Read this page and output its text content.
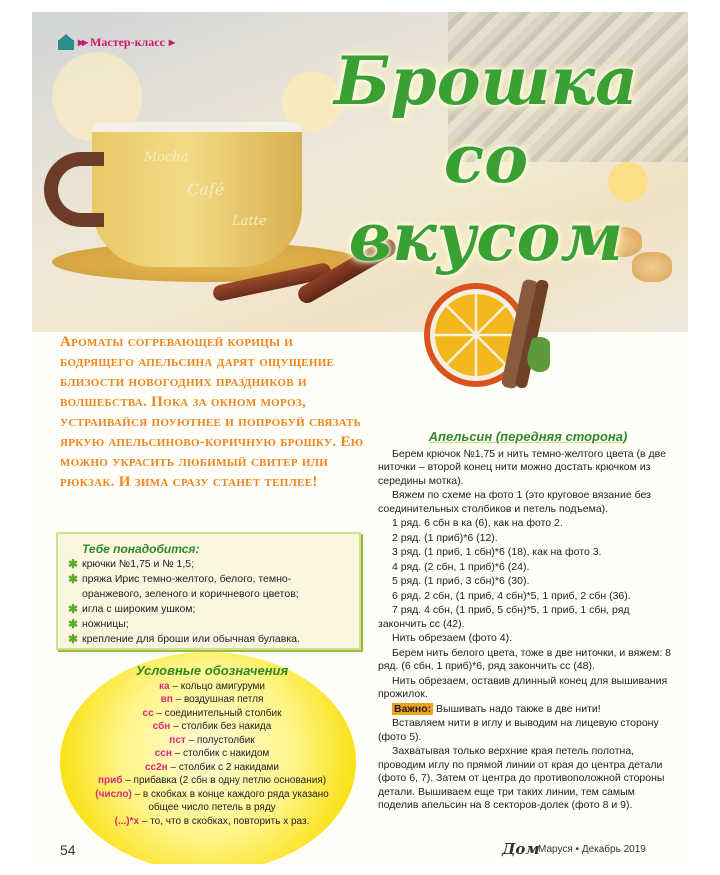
Mocha
Café
Latte
▸▸ Мастер-класс ▸	Брошка
со вкусом
Ароматы согревающей корицы и бодрящего апельсина дарят ощущение близости новогодних праздников и волшебства. Пока за окном мороз, устраивайся поуютнее и попробуй связать яркую апельсиново-коричную брошку. Ею можно украсить любимый свитер или рюкзак. И зима сразу станет теплее!
Тебе понадобится:
✱ крючки №1,75 и № 1,5;
✱ пряжа Ирис темно-желтого, белого, темно-оранжевого, зеленого и коричневого цветов;
✱ игла с широким ушком;
✱ ножницы;
✱ крепление для броши или обычная булавка.
Условные обозначения
ка – кольцо амигуруми
вп – воздушная петля
сс – соединительный столбик
сбн – столбик без накида
пст – полустолбик
ссн – столбик с накидом
сс2н – столбик с 2 накидами
приб – прибавка (2 сбн в одну петлю основания)
(число) – в скобках в конце каждого ряда указано общее число петель в ряду
(...)*х – то, что в скобках, повторить х раз.
Апельсин (передняя сторона)

Берем крючок №1,75 и нить темно-желтого цвета (в две ниточки – второй конец нити можно достать крючком из середины мотка).

Вяжем по схеме на фото 1 (это круговое вязание без соединительных столбиков и петель подъема).

1 ряд. 6 сбн в ка (6), как на фото 2.

2 ряд. (1 приб)*6 (12).

3 ряд. (1 приб, 1 сбн)*6 (18), как на фото 3.

4 ряд. (2 сбн, 1 приб)*6 (24).

5 ряд. (1 приб, 3 сбн)*6 (30).

6 ряд. 2 сбн, (1 приб, 4 сбн)*5, 1 приб, 2 сбн (36).

7 ряд. 4 сбн, (1 приб, 5 сбн)*5, 1 приб, 1 сбн, ряд закончить сс (42).

Нить обрезаем (фото 4).

Берем нить белого цвета, тоже в две ниточки, и вяжем: 8 ряд. (6 сбн, 1 приб)*6, ряд закончить сс (48).

Нить обрезаем, оставив длинный конец для вышивания прожилок.

Важно: Вышивать надо также в две нити!

Вставляем нити в иглу и выводим на лицевую сторону (фото 5).

Захватывая только верхние края петель полотна, проводим иглу по прямой линии от края до центра детали (фото 6, 7). Затем от центра до противоположной стороны детали. Вышиваем еще три таких линии, тем самым поделив апельсин на 8 секторов-долек (фото 8 и 9).

54	Дом
Маруся • Декабрь 2019
